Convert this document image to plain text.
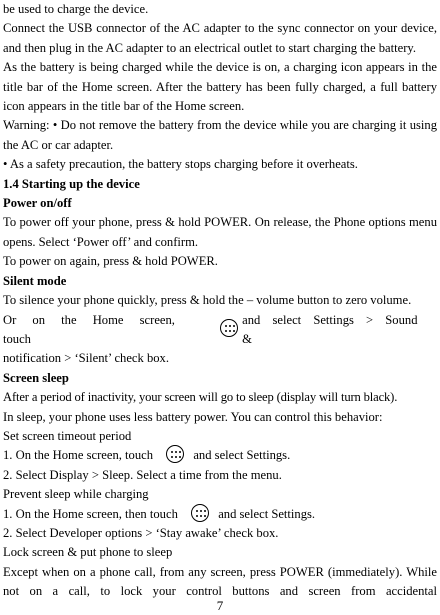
be used to charge the device.

Connect the USB connector of the AC adapter to the sync connector on your device, and then plug in the AC adapter to an electrical outlet to start charging the battery.

As the battery is being charged while the device is on, a charging icon appears in the title bar of the Home screen. After the battery has been fully charged, a full battery icon appears in the title bar of the Home screen.

Warning: • Do not remove the battery from the device while you are charging it using the AC or car adapter.

• As a safety precaution, the battery stops charging before it overheats.

1.4 Starting up the device

Power on/off

To power off your phone, press & hold POWER. On release, the Phone options menu opens. Select ‘Power off’ and confirm.

To power on again, press & hold POWER.

Silent mode

To silence your phone quickly, press & hold the – volume button to zero volume.

Or on the Home screen, touch
and select Settings > Sound &

notification > ‘Silent’ check box.

Screen sleep

After a period of inactivity, your screen will go to sleep (display will turn black).

In sleep, your phone uses less battery power. You can control this behavior:

Set screen timeout period

1. On the Home screen, touch	and select Settings.

2. Select Display > Sleep. Select a time from the menu.

Prevent sleep while charging

1. On the Home screen, then touch	and select Settings.

2. Select Developer options > ‘Stay awake’ check box.

Lock screen & put phone to sleep

Except when on a phone call, from any screen, press POWER (immediately). While not on a call, to lock your control buttons and screen from accidental

7
